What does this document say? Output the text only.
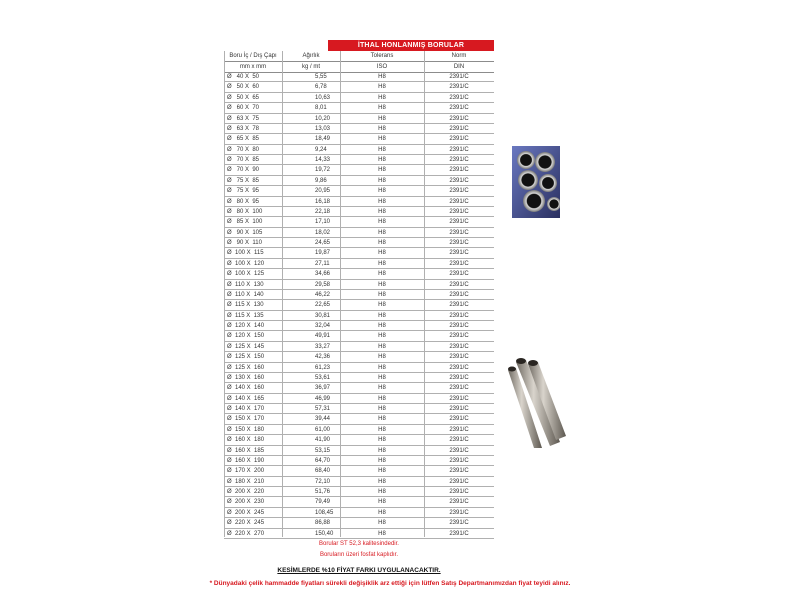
İTHAL HONLANMIŞ BORULAR
Boru İç / Dış Çapı	Ağırlık	Tolerans	Norm
mm x mm	kg / mt	ISO	DIN
Ø   40 X  50	5,55	H8	2391/C
Ø   50 X  60	6,78	H8	2391/C
Ø   50 X  65	10,63	H8	2391/C
Ø   60 X  70	8,01	H8	2391/C
Ø   63 X  75	10,20	H8	2391/C
Ø   63 X  78	13,03	H8	2391/C
Ø   65 X  85	18,49	H8	2391/C
Ø   70 X  80	9,24	H8	2391/C
Ø   70 X  85	14,33	H8	2391/C
Ø   70 X  90	19,72	H8	2391/C
Ø   75 X  85	9,86	H8	2391/C
Ø   75 X  95	20,95	H8	2391/C
Ø   80 X  95	16,18	H8	2391/C
Ø   80 X  100	22,18	H8	2391/C
Ø   85 X  100	17,10	H8	2391/C
Ø   90 X  105	18,02	H8	2391/C
Ø   90 X  110	24,65	H8	2391/C
Ø  100 X  115	19,87	H8	2391/C
Ø  100 X  120	27,11	H8	2391/C
Ø  100 X  125	34,66	H8	2391/C
Ø  110 X  130	29,58	H8	2391/C
Ø  110 X  140	46,22	H8	2391/C
Ø  115 X  130	22,65	H8	2391/C
Ø  115 X  135	30,81	H8	2391/C
Ø  120 X  140	32,04	H8	2391/C
Ø  120 X  150	49,91	H8	2391/C
Ø  125 X  145	33,27	H8	2391/C
Ø  125 X  150	42,36	H8	2391/C
Ø  125 X  160	61,23	H8	2391/C
Ø  130 X  160	53,61	H8	2391/C
Ø  140 X  160	36,97	H8	2391/C
Ø  140 X  165	46,99	H8	2391/C
Ø  140 X  170	57,31	H8	2391/C
Ø  150 X  170	39,44	H8	2391/C
Ø  150 X  180	61,00	H8	2391/C
Ø  160 X  180	41,90	H8	2391/C
Ø  160 X  185	53,15	H8	2391/C
Ø  160 X  190	64,70	H8	2391/C
Ø  170 X  200	68,40	H8	2391/C
Ø  180 X  210	72,10	H8	2391/C
Ø  200 X  220	51,76	H8	2391/C
Ø  200 X  230	79,49	H8	2391/C
Ø  200 X  245	108,45	H8	2391/C
Ø  220 X  245	86,88	H8	2391/C
Ø  220 X  270	150,40	H8	2391/C
Borular ST 52,3 kalitesindedir.
Boruların üzeri fosfat kaplıdır.
KESİMLERDE %10 FİYAT FARKI UYGULANACAKTIR.
* Dünyadaki çelik hammadde fiyatları sürekli değişiklik arz ettiği için lütfen Satış Departmanımızdan fiyat teyidi alınız.
